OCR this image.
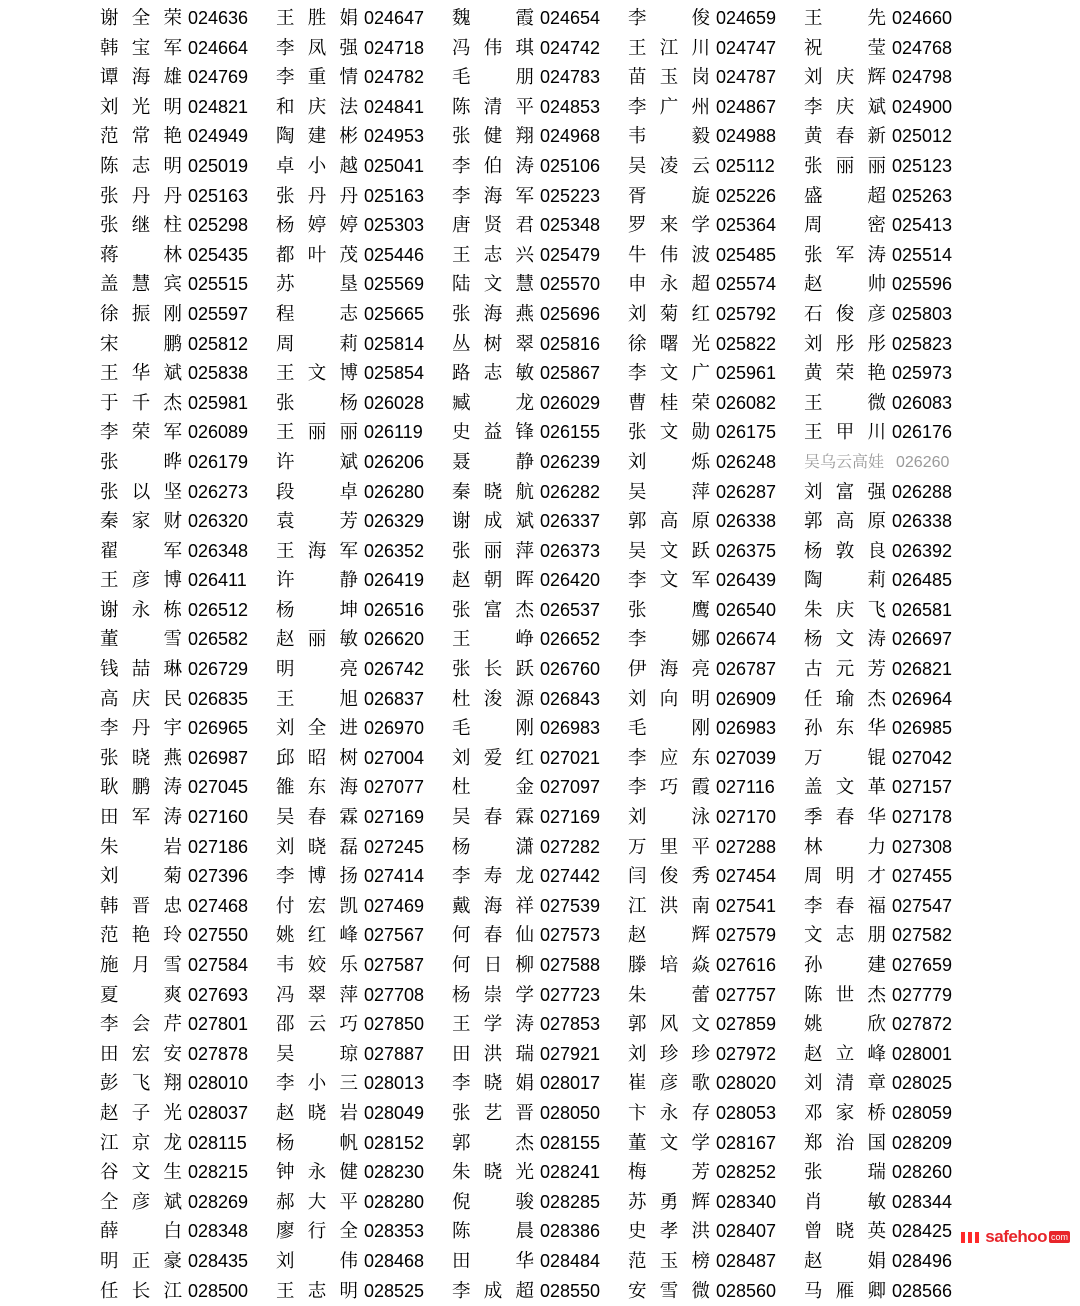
谢全荣 024636	王胜娟 024647	魏霞 024654	李俊 024659	王先 024660

韩宝军 024664	李凤强 024718	冯伟琪 024742	王江川 024747	祝莹 024768

谭海雄 024769	李重情 024782	毛朋 024783	苗玉岗 024787	刘庆辉 024798

刘光明 024821	和庆法 024841	陈清平 024853	李广州 024867	李庆斌 024900

范常艳 024949	陶建彬 024953	张健翔 024968	韦毅 024988	黄春新 025012

陈志明 025019	卓小越 025041	李伯涛 025106	吴凌云 025112	张丽丽 025123

张丹丹 025163	张丹丹 025163	李海军 025223	胥旋 025226	盛超 025263

张继柱 025298	杨婷婷 025303	唐贤君 025348	罗来学 025364	周密 025413

蒋林 025435	都叶茂 025446	王志兴 025479	牛伟波 025485	张军涛 025514

盖慧宾 025515	苏垦 025569	陆文慧 025570	申永超 025574	赵帅 025596

徐振刚 025597	程志 025665	张海燕 025696	刘菊红 025792	石俊彦 025803

宋鹏 025812	周莉 025814	丛树翠 025816	徐曙光 025822	刘彤彤 025823

王华斌 025838	王文博 025854	路志敏 025867	李文广 025961	黄荣艳 025973

于千杰 025981	张杨 026028	臧龙 026029	曹桂荣 026082	王微 026083

李荣军 026089	王丽丽 026119	史益锋 026155	张文勋 026175	王甲川 026176

张晔 026179	许斌 026206	聂静 026239	刘烁 026248	吴乌云高娃 026260

张以坚 026273	段卓 026280	秦晓航 026282	吴萍 026287	刘富强 026288

秦家财 026320	袁芳 026329	谢成斌 026337	郭高原 026338	郭高原 026338

翟军 026348	王海军 026352	张丽萍 026373	吴文跃 026375	杨敦良 026392

王彦博 026411	许静 026419	赵朝晖 026420	李文军 026439	陶莉 026485

谢永栋 026512	杨坤 026516	张富杰 026537	张鹰 026540	朱庆飞 026581

董雪 026582	赵丽敏 026620	王峥 026652	李娜 026674	杨文涛 026697

钱喆琳 026729	明亮 026742	张长跃 026760	伊海亮 026787	古元芳 026821

高庆民 026835	王旭 026837	杜浚源 026843	刘向明 026909	任瑜杰 026964

李丹宇 026965	刘全进 026970	毛刚 026983	毛刚 026983	孙东华 026985

张晓燕 026987	邱昭树 027004	刘爱红 027021	李应东 027039	万锟 027042

耿鹏涛 027045	雒东海 027077	杜金 027097	李巧霞 027116	盖文革 027157

田军涛 027160	吴春霖 027169	吴春霖 027169	刘泳 027170	季春华 027178

朱岩 027186	刘晓磊 027245	杨潇 027282	万里平 027288	林力 027308

刘菊 027396	李博扬 027414	李寿龙 027442	闫俊秀 027454	周明才 027455

韩晋忠 027468	付宏凯 027469	戴海祥 027539	江洪南 027541	李春福 027547

范艳玲 027550	姚红峰 027567	何春仙 027573	赵辉 027579	文志朋 027582

施月雪 027584	韦姣乐 027587	何日柳 027588	滕培焱 027616	孙建 027659

夏爽 027693	冯翠萍 027708	杨崇学 027723	朱蕾 027757	陈世杰 027779

李会芹 027801	邵云巧 027850	王学涛 027853	郭风文 027859	姚欣 027872

田宏安 027878	吴琼 027887	田洪瑞 027921	刘珍珍 027972	赵立峰 028001

彭飞翔 028010	李小三 028013	李晓娟 028017	崔彦歌 028020	刘清章 028025

赵子光 028037	赵晓岩 028049	张艺晋 028050	卞永存 028053	邓家桥 028059

江京龙 028115	杨帆 028152	郭杰 028155	董文学 028167	郑治国 028209

谷文生 028215	钟永健 028230	朱晓光 028241	梅芳 028252	张瑞 028260

仝彦斌 028269	郝大平 028280	倪骏 028285	苏勇辉 028340	肖敏 028344

薛白 028348	廖行全 028353	陈晨 028386	史孝洪 028407	曾晓英 028425

明正豪 028435	刘伟 028468	田华 028484	范玉榜 028487	赵娟 028496

任长江 028500	王志明 028525	李成超 028550	安雪微 028560	马雁卿 028566
safehoo com
